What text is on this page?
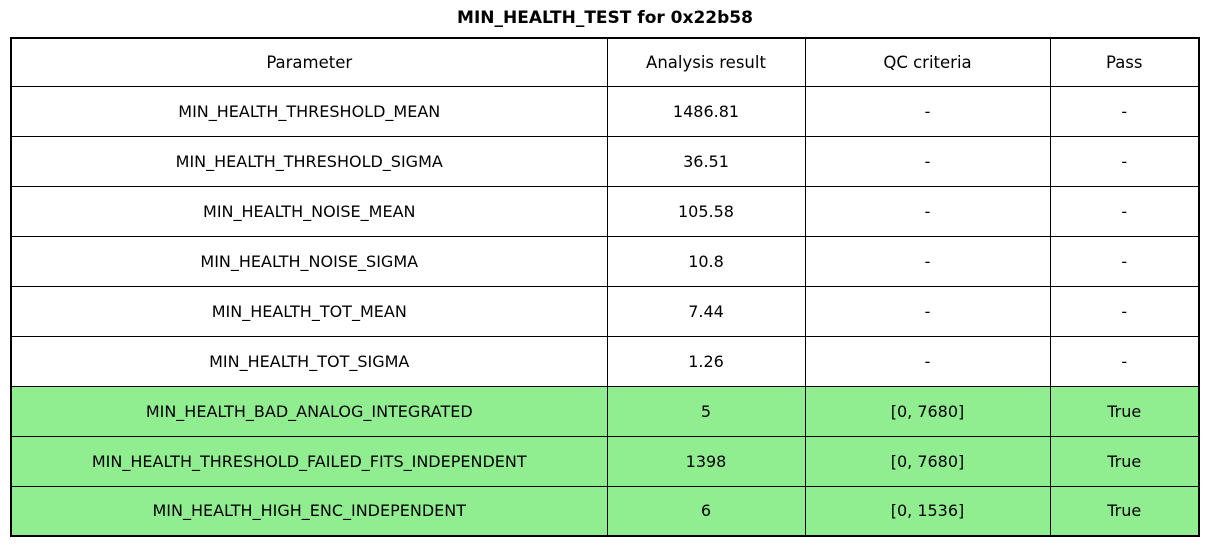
MIN_HEALTH_TEST for 0x22b58
Parameter	Analysis result	QC criteria	Pass
MIN_HEALTH_THRESHOLD_MEAN	1486.81	-	-
MIN_HEALTH_THRESHOLD_SIGMA	36.51	-	-
MIN_HEALTH_NOISE_MEAN	105.58	-	-
MIN_HEALTH_NOISE_SIGMA	10.8	-	-
MIN_HEALTH_TOT_MEAN	7.44	-	-
MIN_HEALTH_TOT_SIGMA	1.26	-	-
MIN_HEALTH_BAD_ANALOG_INTEGRATED	5	[0, 7680]	True
MIN_HEALTH_THRESHOLD_FAILED_FITS_INDEPENDENT	1398	[0, 7680]	True
MIN_HEALTH_HIGH_ENC_INDEPENDENT	6	[0, 1536]	True
